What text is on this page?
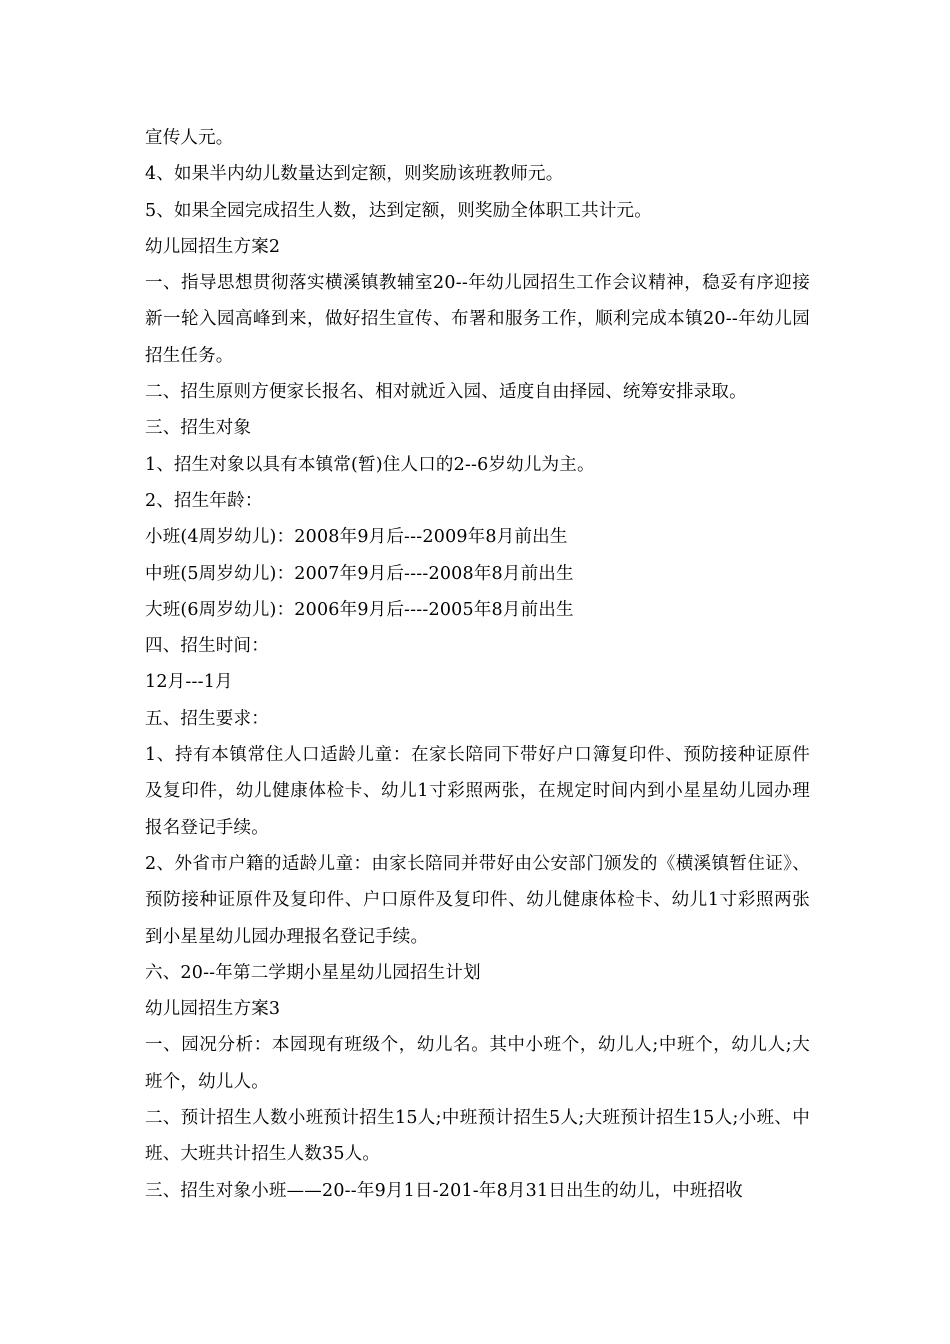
宣传人元。

4、如果半内幼儿数量达到定额，则奖励该班教师元。

5、如果全园完成招生人数，达到定额，则奖励全体职工共计元。

幼儿园招生方案2

一、指导思想贯彻落实横溪镇教辅室20--年幼儿园招生工作会议精神，稳妥有序迎接新一轮入园高峰到来，做好招生宣传、布署和服务工作，顺利完成本镇20--年幼儿园招生任务。

二、招生原则方便家长报名、相对就近入园、适度自由择园、统筹安排录取。

三、招生对象

1、招生对象以具有本镇常(暂)住人口的2--6岁幼儿为主。

2、招生年龄：

小班(4周岁幼儿)：2008年9月后---2009年8月前出生

中班(5周岁幼儿)：2007年9月后----2008年8月前出生

大班(6周岁幼儿)：2006年9月后----2005年8月前出生

四、招生时间：

12月---1月

五、招生要求：

1、持有本镇常住人口适龄儿童：在家长陪同下带好户口簿复印件、预防接种证原件及复印件，幼儿健康体检卡、幼儿1寸彩照两张，在规定时间内到小星星幼儿园办理报名登记手续。

2、外省市户籍的适龄儿童：由家长陪同并带好由公安部门颁发的《横溪镇暂住证》、预防接种证原件及复印件、户口原件及复印件、幼儿健康体检卡、幼儿1寸彩照两张到小星星幼儿园办理报名登记手续。

六、20--年第二学期小星星幼儿园招生计划

幼儿园招生方案3

一、园况分析：本园现有班级个，幼儿名。其中小班个，幼儿人;中班个，幼儿人;大班个，幼儿人。

二、预计招生人数小班预计招生15人;中班预计招生5人;大班预计招生15人;小班、中班、大班共计招生人数35人。

三、招生对象小班——20--年9月1日-201-年8月31日出生的幼儿，中班招收
